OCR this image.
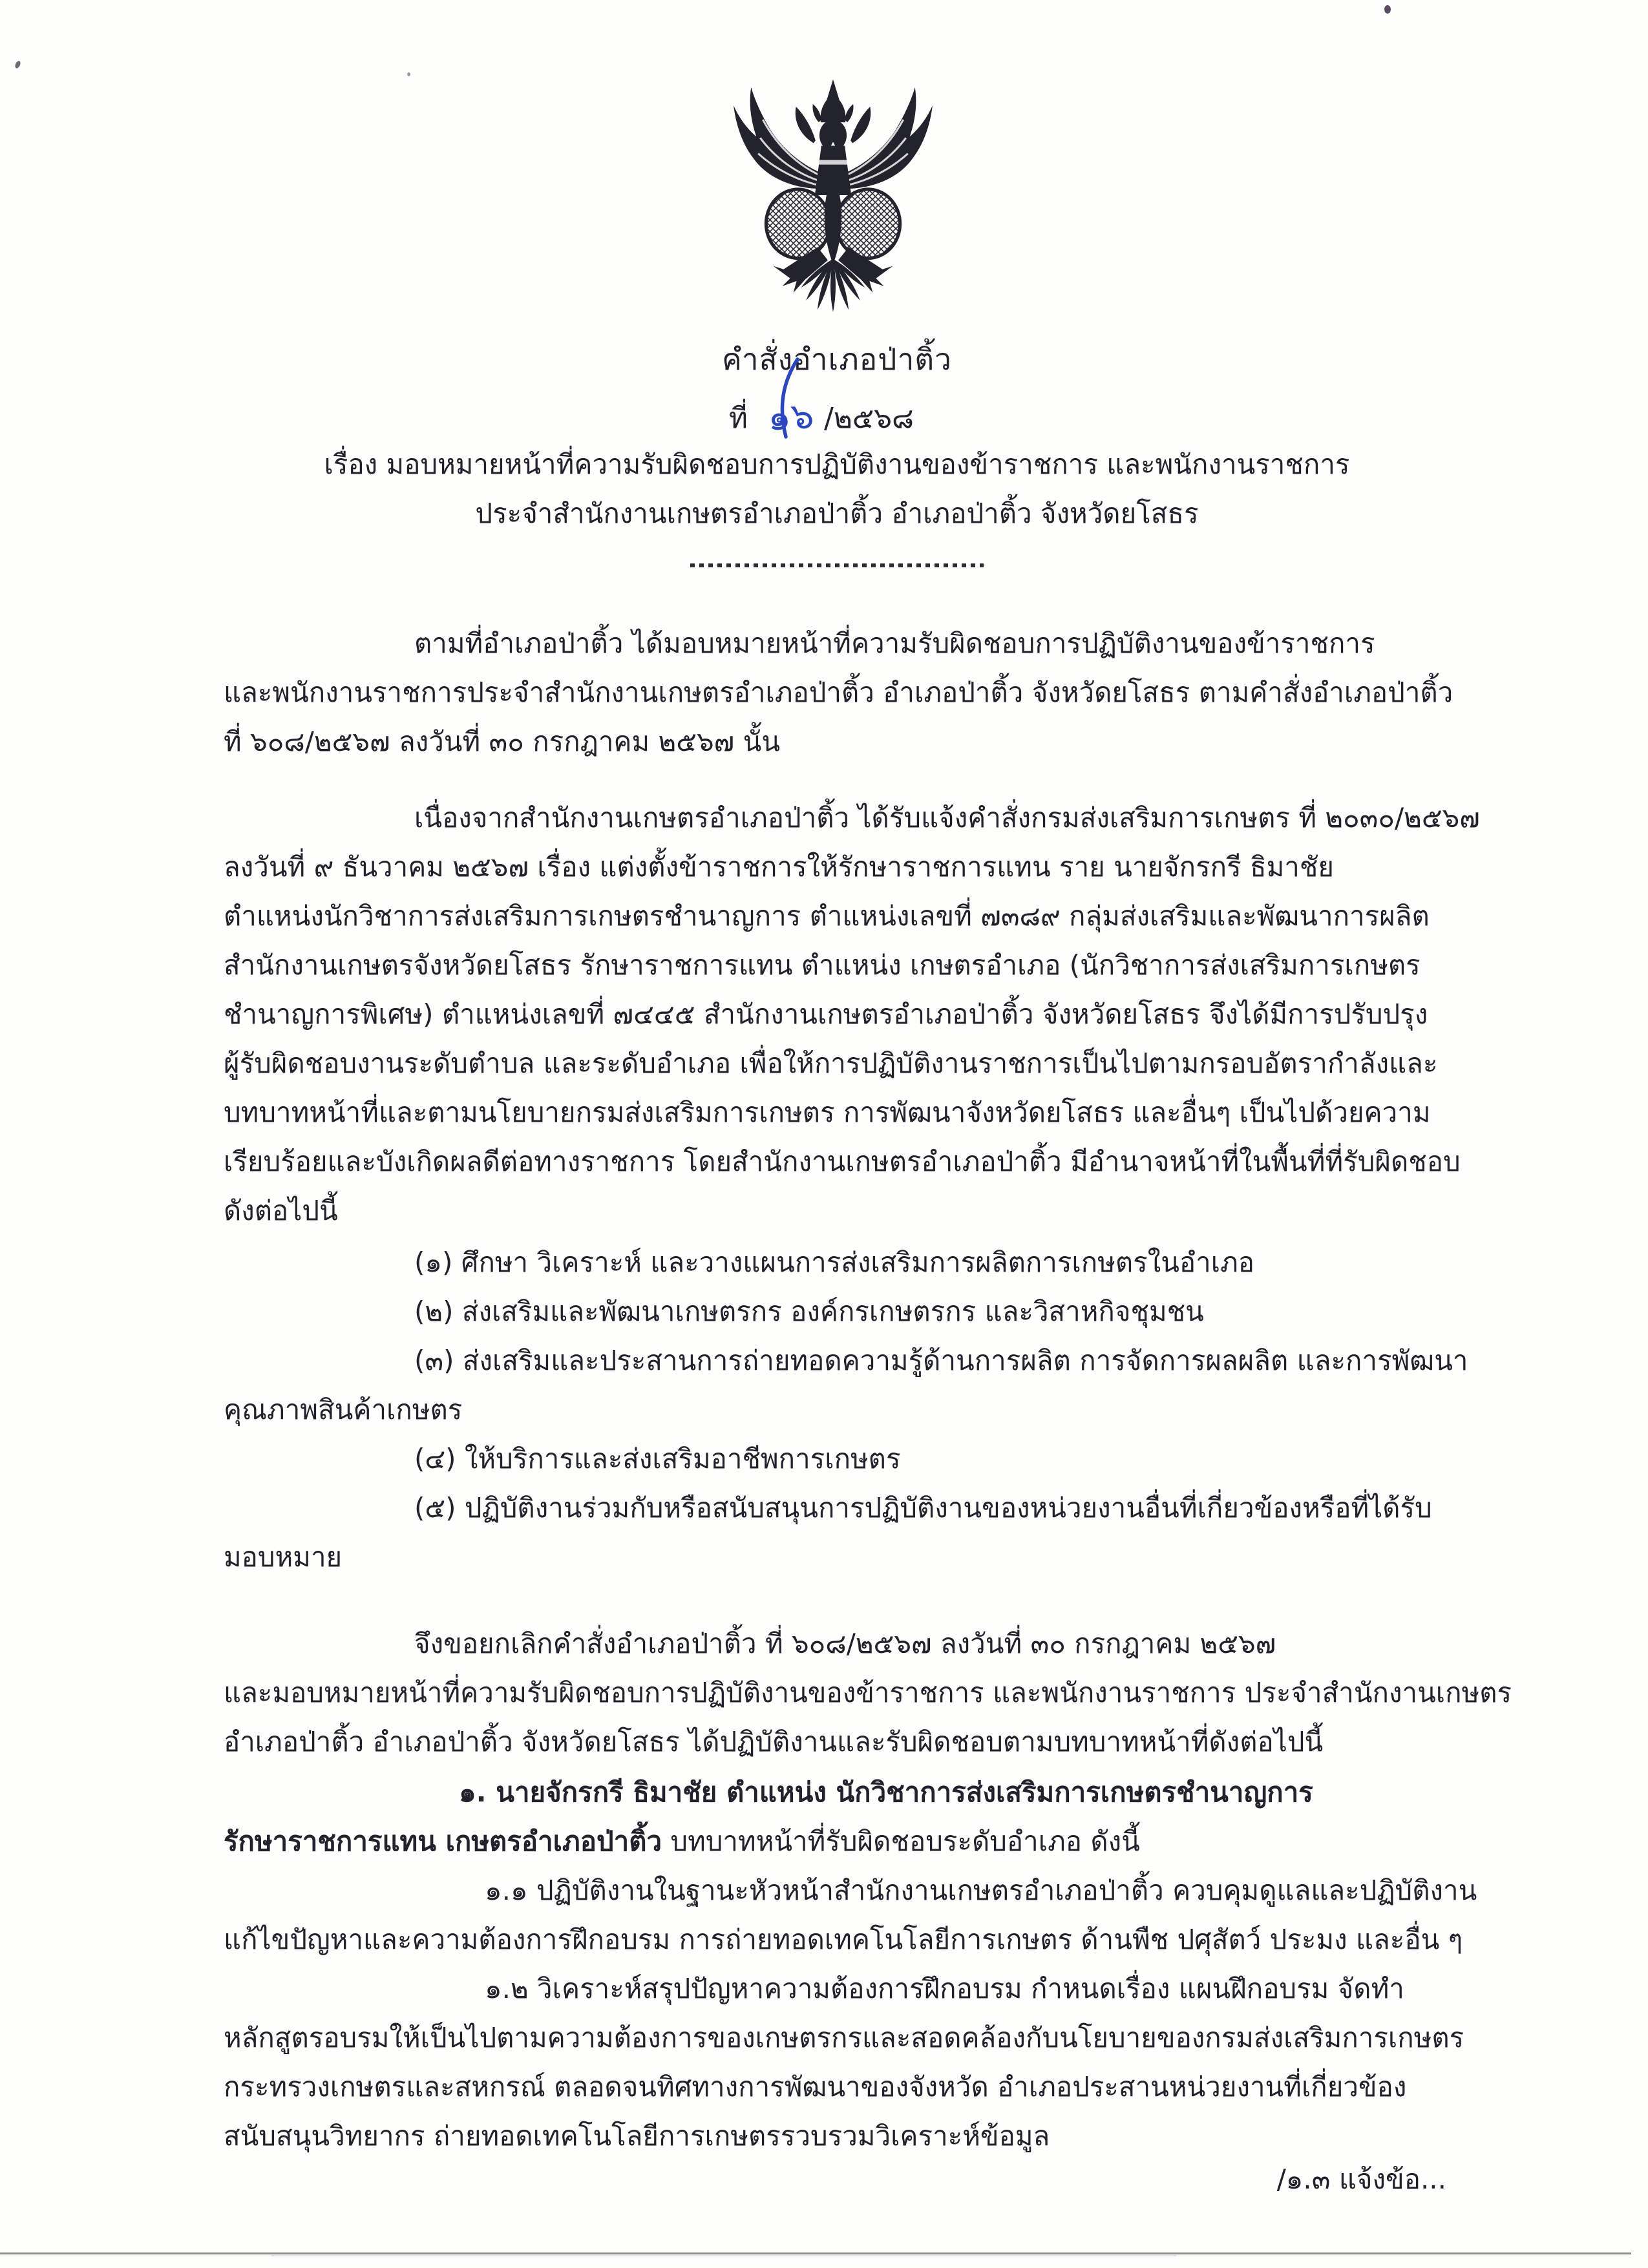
คำสั่งอำเภอป่าติ้ว
ที่ ๑๖ /๒๕๖๘
เรื่อง มอบหมายหน้าที่ความรับผิดชอบการปฏิบัติงานของข้าราชการ และพนักงานราชการ
ประจำสำนักงานเกษตรอำเภอป่าติ้ว อำเภอป่าติ้ว จังหวัดยโสธร
ตามที่อำเภอป่าติ้ว ได้มอบหมายหน้าที่ความรับผิดชอบการปฏิบัติงานของข้าราชการ
และพนักงานราชการประจำสำนักงานเกษตรอำเภอป่าติ้ว อำเภอป่าติ้ว จังหวัดยโสธร ตามคำสั่งอำเภอป่าติ้ว
ที่ ๖๐๘/๒๕๖๗ ลงวันที่ ๓๐ กรกฎาคม ๒๕๖๗ นั้น
เนื่องจากสำนักงานเกษตรอำเภอป่าติ้ว ได้รับแจ้งคำสั่งกรมส่งเสริมการเกษตร ที่ ๒๐๓๐/๒๕๖๗
ลงวันที่ ๙ ธันวาคม ๒๕๖๗ เรื่อง แต่งตั้งข้าราชการให้รักษาราชการแทน ราย นายจักรกรี ธิมาชัย
ตำแหน่งนักวิชาการส่งเสริมการเกษตรชำนาญการ ตำแหน่งเลขที่ ๗๓๘๙ กลุ่มส่งเสริมและพัฒนาการผลิต
สำนักงานเกษตรจังหวัดยโสธร รักษาราชการแทน ตำแหน่ง เกษตรอำเภอ (นักวิชาการส่งเสริมการเกษตร
ชำนาญการพิเศษ) ตำแหน่งเลขที่ ๗๔๔๕ สำนักงานเกษตรอำเภอป่าติ้ว จังหวัดยโสธร จึงได้มีการปรับปรุง
ผู้รับผิดชอบงานระดับตำบล และระดับอำเภอ เพื่อให้การปฏิบัติงานราชการเป็นไปตามกรอบอัตรากำลังและ
บทบาทหน้าที่และตามนโยบายกรมส่งเสริมการเกษตร การพัฒนาจังหวัดยโสธร และอื่นๆ เป็นไปด้วยความ
เรียบร้อยและบังเกิดผลดีต่อทางราชการ โดยสำนักงานเกษตรอำเภอป่าติ้ว มีอำนาจหน้าที่ในพื้นที่ที่รับผิดชอบ
ดังต่อไปนี้
(๑) ศึกษา วิเคราะห์ และวางแผนการส่งเสริมการผลิตการเกษตรในอำเภอ
(๒) ส่งเสริมและพัฒนาเกษตรกร องค์กรเกษตรกร และวิสาหกิจชุมชน
(๓) ส่งเสริมและประสานการถ่ายทอดความรู้ด้านการผลิต การจัดการผลผลิต และการพัฒนา
คุณภาพสินค้าเกษตร
(๔) ให้บริการและส่งเสริมอาชีพการเกษตร
(๕) ปฏิบัติงานร่วมกับหรือสนับสนุนการปฏิบัติงานของหน่วยงานอื่นที่เกี่ยวข้องหรือที่ได้รับ
มอบหมาย
จึงขอยกเลิกคำสั่งอำเภอป่าติ้ว ที่ ๖๐๘/๒๕๖๗ ลงวันที่ ๓๐ กรกฎาคม ๒๕๖๗
และมอบหมายหน้าที่ความรับผิดชอบการปฏิบัติงานของข้าราชการ และพนักงานราชการ ประจำสำนักงานเกษตร
อำเภอป่าติ้ว อำเภอป่าติ้ว จังหวัดยโสธร ได้ปฏิบัติงานและรับผิดชอบตามบทบาทหน้าที่ดังต่อไปนี้
๑. นายจักรกรี ธิมาชัย ตำแหน่ง นักวิชาการส่งเสริมการเกษตรชำนาญการ
รักษาราชการแทน เกษตรอำเภอป่าติ้ว บทบาทหน้าที่รับผิดชอบระดับอำเภอ ดังนี้
๑.๑ ปฏิบัติงานในฐานะหัวหน้าสำนักงานเกษตรอำเภอป่าติ้ว ควบคุมดูแลและปฏิบัติงาน
แก้ไขปัญหาและความต้องการฝึกอบรม การถ่ายทอดเทคโนโลยีการเกษตร ด้านพืช ปศุสัตว์ ประมง และอื่น ๆ
๑.๒ วิเคราะห์สรุปปัญหาความต้องการฝึกอบรม กำหนดเรื่อง แผนฝึกอบรม จัดทำ
หลักสูตรอบรมให้เป็นไปตามความต้องการของเกษตรกรและสอดคล้องกับนโยบายของกรมส่งเสริมการเกษตร
กระทรวงเกษตรและสหกรณ์ ตลอดจนทิศทางการพัฒนาของจังหวัด อำเภอประสานหน่วยงานที่เกี่ยวข้อง
สนับสนุนวิทยากร ถ่ายทอดเทคโนโลยีการเกษตรรวบรวมวิเคราะห์ข้อมูล
/๑.๓ แจ้งข้อ...
